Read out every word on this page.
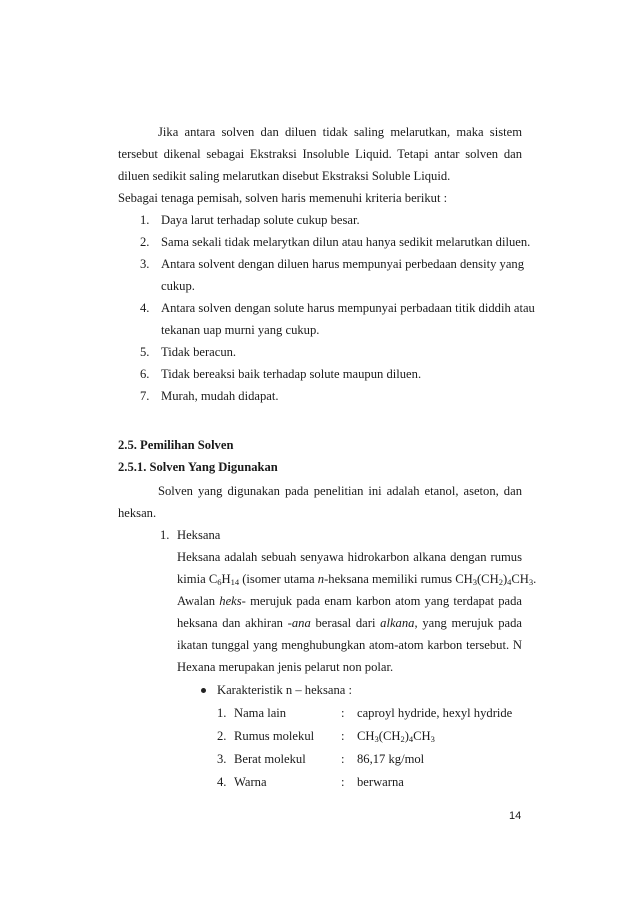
Jika antara solven dan diluen tidak saling melarutkan, maka sistem
tersebut dikenal sebagai Ekstraksi Insoluble Liquid. Tetapi antar solven dan
diluen sedikit saling melarutkan disebut Ekstraksi Soluble Liquid.
Sebagai tenaga pemisah, solven haris memenuhi kriteria berikut :
1. Daya larut terhadap solute cukup besar.
2. Sama sekali tidak melarytkan dilun atau hanya sedikit melarutkan diluen.
3. Antara solvent dengan diluen harus mempunyai perbedaan density yang
cukup.
4. Antara solven dengan solute harus mempunyai perbadaan titik diddih atau
tekanan uap murni yang cukup.
5. Tidak beracun.
6. Tidak bereaksi baik terhadap solute maupun diluen.
7. Murah, mudah didapat.
2.5. Pemilihan Solven
2.5.1. Solven Yang Digunakan
Solven yang digunakan pada penelitian ini adalah etanol, aseton, dan
heksan.
1. Heksana
Heksana adalah sebuah senyawa hidrokarbon alkana dengan rumus
kimia $C_6H_{14}$ (isomer utama n-heksana memiliki rumus $CH_3(CH_2)_4CH_3$.
Awalan heks- merujuk pada enam karbon atom yang terdapat pada
heksana dan akhiran -ana berasal dari alkana, yang merujuk pada
ikatan tunggal yang menghubungkan atom-atom karbon tersebut. N
Hexana merupakan jenis pelarut non polar.
Karakteristik n – heksana :
1. Nama lain	: caproyl hydride, hexyl hydride
2. Rumus molekul : $CH_3(CH_2)_4CH_3$
3. Berat molekul	: 86,17 kg/mol
4. Warna	: berwarna
14
